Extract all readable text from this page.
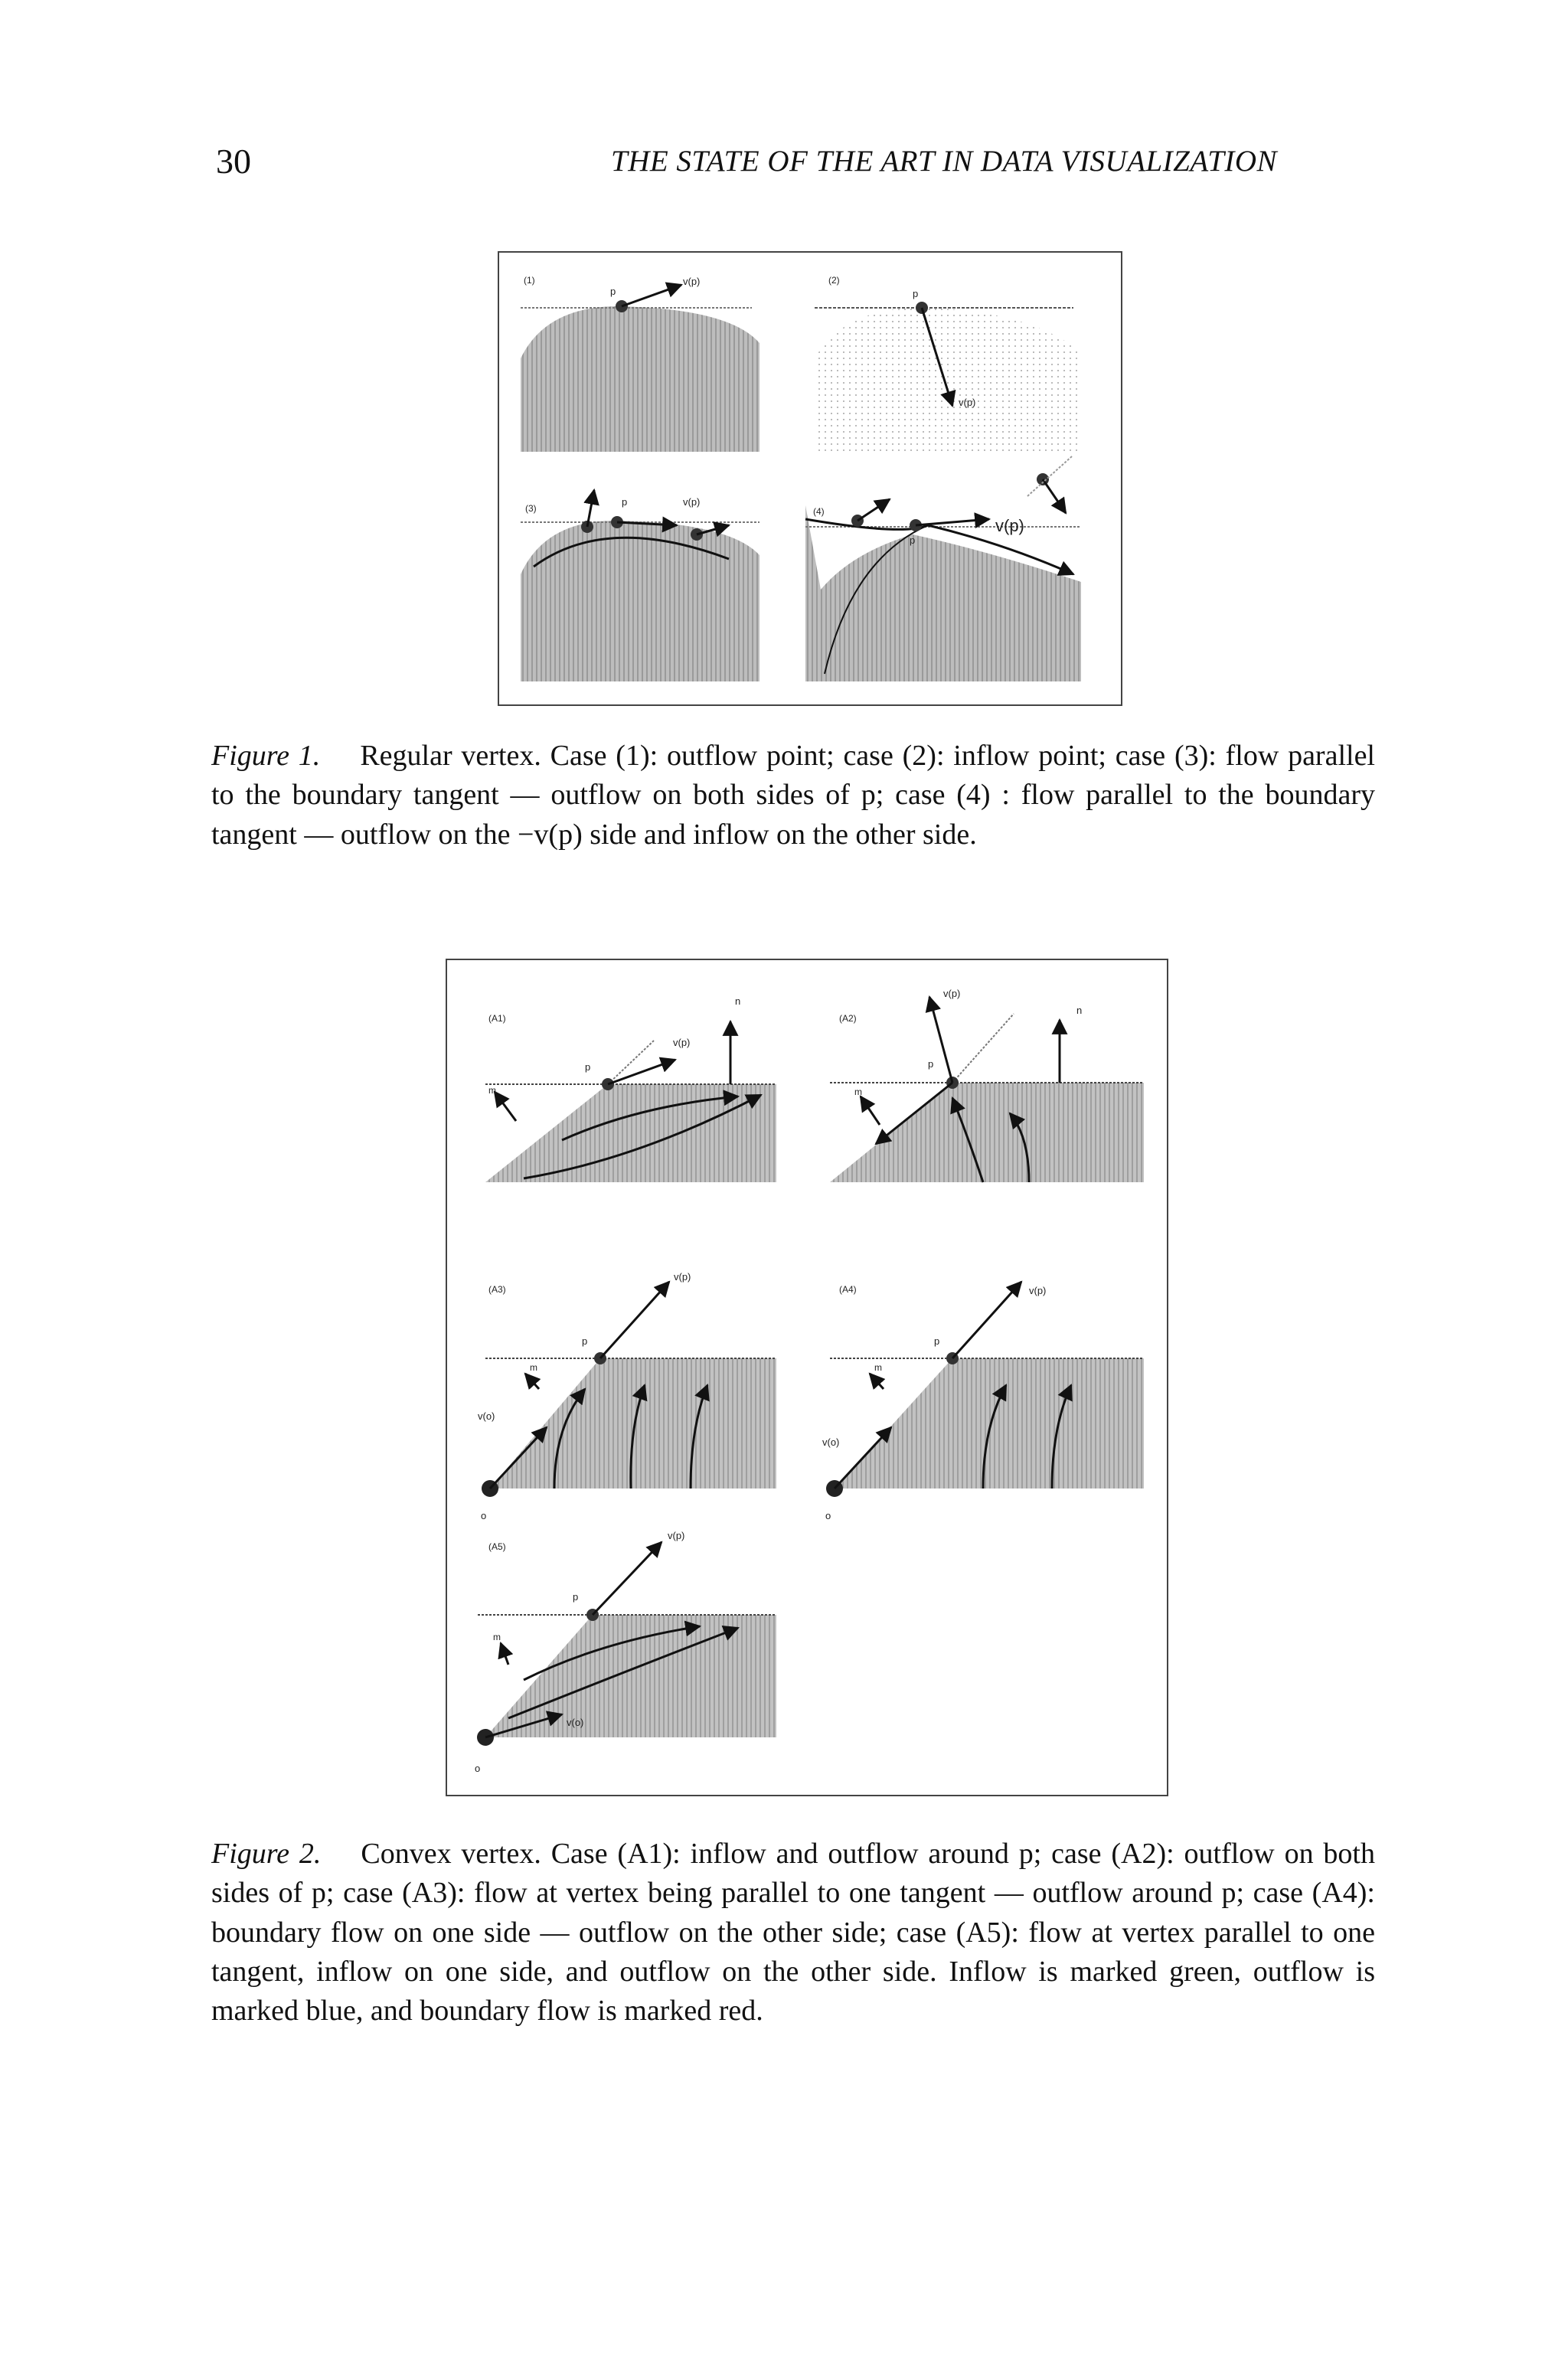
30	THE STATE OF THE ART IN DATA VISUALIZATION
(1)
p
v(p)	(2)
p
v(p)
(3)
p	v(p)
(4)
p
v(p)
Figure 1. Regular vertex. Case (1): outflow point; case (2): inflow point; case (3): flow parallel to the boundary tangent — outflow on both sides of p; case (4) : flow parallel to the boundary tangent — outflow on the −v(p) side and inflow on the other side.
(A1)
p
v(p)
n
m
(A2)
p
v(p)
n
m
(A3)
p
v(p)
v(o)
o
m
(A4)
p
v(p)
v(o)
o
m
(A5)
p
v(p)
v(o)
o
m
Figure 2. Convex vertex. Case (A1): inflow and outflow around p; case (A2): outflow on both sides of p; case (A3): flow at vertex being parallel to one tangent — outflow around p; case (A4): boundary flow on one side — outflow on the other side; case (A5): flow at vertex parallel to one tangent, inflow on one side, and outflow on the other side. Inflow is marked green, outflow is marked blue, and boundary flow is marked red.
